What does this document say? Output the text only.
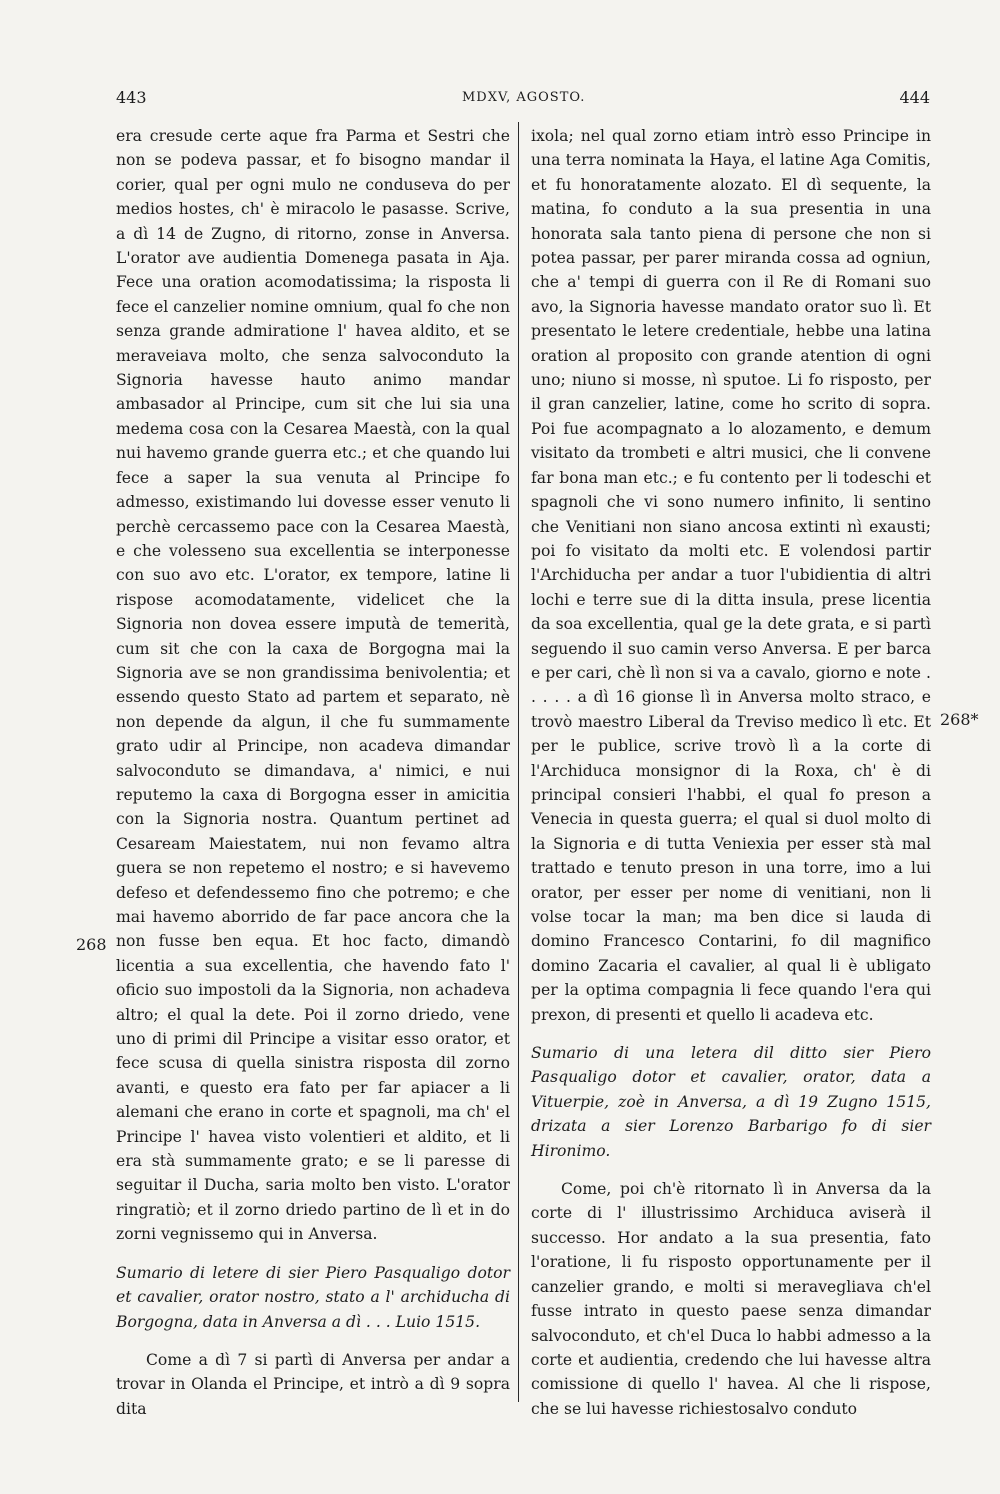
443	MDXV, AGOSTO.	444
268
268*

era cresude certe aque fra Parma et Sestri che non se podeva passar, et fo bisogno mandar il corier, qual per ogni mulo ne conduseva do per medios hostes, ch' è miracolo le pasasse. Scrive, a dì 14 de Zugno, di ritorno, zonse in Anversa. L'orator ave audientia Domenega pasata in Aja. Fece una oration acomodatissima; la risposta li fece el canzelier nomine omnium, qual fo che non senza grande admiratione l' havea aldito, et se meraveiava molto, che senza salvoconduto la Signoria havesse hauto animo mandar ambasador al Principe, cum sit che lui sia una medema cosa con la Cesarea Maestà, con la qual nui havemo grande guerra etc.; et che quando lui fece a saper la sua venuta al Principe fo admesso, existimando lui dovesse esser venuto li perchè cercassemo pace con la Cesarea Maestà, e che volesseno sua excellentia se interponesse con suo avo etc. L'orator, ex tempore, latine li rispose acomodatamente, videlicet che la Signoria non dovea essere imputà de temerità, cum sit che con la caxa de Borgogna mai la Signoria ave se non grandissima benivolentia; et essendo questo Stato ad partem et separato, nè non depende da algun, il che fu summamente grato udir al Principe, non acadeva dimandar salvoconduto se dimandava, a' nimici, e nui reputemo la caxa di Borgogna esser in amicitia con la Signoria nostra. Quantum pertinet ad Cesaream Maiestatem, nui non fevamo altra guera se non repetemo el nostro; e si havevemo defeso et defendessemo fino che potremo; e che mai havemo aborrido de far pace ancora che la non fusse ben equa. Et hoc facto, dimandò licentia a sua excellentia, che havendo fato l' oficio suo impostoli da la Signoria, non achadeva altro; el qual la dete. Poi il zorno driedo, vene uno di primi dil Principe a visitar esso orator, et fece scusa di quella sinistra risposta dil zorno avanti, e questo era fato per far apiacer a li alemani che erano in corte et spagnoli, ma ch' el Principe l' havea visto volentieri et aldito, et li era stà summamente grato; e se li paresse di seguitar il Ducha, saria molto ben visto. L'orator ringratiò; et il zorno driedo partino de lì et in do zorni vegnissemo qui in Anversa.

Sumario di letere di sier Piero Pasqualigo dotor et cavalier, orator nostro, stato a l' archiducha di Borgogna, data in Anversa a dì . . . Luio 1515.

Come a dì 7 si partì di Anversa per andar a trovar in Olanda el Principe, et intrò a dì 9 sopra dita

ixola; nel qual zorno etiam intrò esso Principe in una terra nominata la Haya, el latine Aga Comitis, et fu honoratamente alozato. El dì sequente, la matina, fo conduto a la sua presentia in una honorata sala tanto piena di persone che non si potea passar, per parer miranda cossa ad ogniun, che a' tempi di guerra con il Re di Romani suo avo, la Signoria havesse mandato orator suo lì. Et presentato le letere credentiale, hebbe una latina oration al proposito con grande atention di ogni uno; niuno si mosse, nì sputoe. Li fo risposto, per il gran canzelier, latine, come ho scrito di sopra. Poi fue acompagnato a lo alozamento, e demum visitato da trombeti e altri musici, che li convene far bona man etc.; e fu contento per li todeschi et spagnoli che vi sono numero infinito, li sentino che Venitiani non siano ancosa extinti nì exausti; poi fo visitato da molti etc. E volendosi partir l'Archiducha per andar a tuor l'ubidientia di altri lochi e terre sue di la ditta insula, prese licentia da soa excellentia, qual ge la dete grata, e si partì seguendo il suo camin verso Anversa. E per barca e per cari, chè lì non si va a cavalo, giorno e note . . . . . a dì 16 gionse lì in Anversa molto straco, e trovò maestro Liberal da Treviso medico lì etc. Et per le publice, scrive trovò lì a la corte di l'Archiduca monsignor di la Roxa, ch' è di principal consieri l'habbi, el qual fo preson a Venecia in questa guerra; el qual si duol molto di la Signoria e di tutta Veniexia per esser stà mal trattado e tenuto preson in una torre, imo a lui orator, per esser per nome di venitiani, non li volse tocar la man; ma ben dice si lauda di domino Francesco Contarini, fo dil magnifico domino Zacaria el cavalier, al qual li è ubligato per la optima compagnia li fece quando l'era qui prexon, di presenti et quello li acadeva etc.

Sumario di una letera dil ditto sier Piero Pasqualigo dotor et cavalier, orator, data a Vituerpie, zoè in Anversa, a dì 19 Zugno 1515, drizata a sier Lorenzo Barbarigo fo di sier Hironimo.

Come, poi ch'è ritornato lì in Anversa da la corte di l' illustrissimo Archiduca aviserà il successo. Hor andato a la sua presentia, fato l'oratione, li fu risposto opportunamente per il canzelier grando, e molti si meravegliava ch'el fusse intrato in questo paese senza dimandar salvoconduto, et ch'el Duca lo habbi admesso a la corte et audientia, credendo che lui havesse altra comissione di quello l' havea. Al che li rispose, che se lui havesse richiestosalvo conduto
